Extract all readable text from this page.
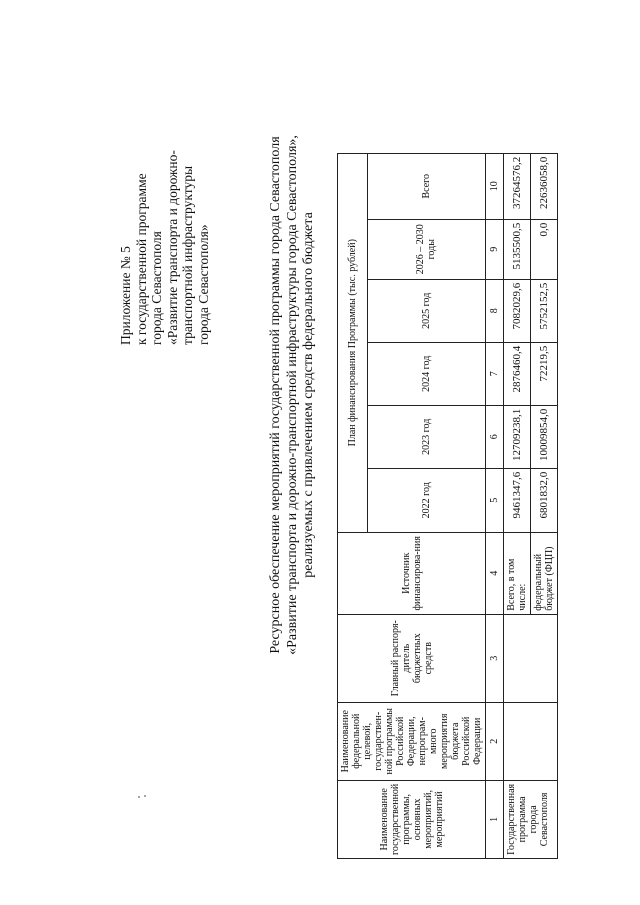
Приложение № 5 к государственной программе города Севастополя «Развитие транспорта и дорожно- транспортной инфраструктуры города Севастополя»	Ресурсное обеспечение мероприятий государственной программы города Севастополя «Развитие транспорта и дорожно-транспортной инфраструктуры города Севастополя», реализуемых с привлечением средств федерального бюджета
Наименование государственной программы, основных мероприятий, мероприятий	Наименование федеральной целевой, государствен-ной программы Российской Федерации, непрограм-много мероприятия бюджета Российской Федерации	Главный распоря-дитель бюджетных средств	Источник финансирова-ния	План финансирования Программы (тыс. рублей)					
				2022 год	2023 год	2024 год	2025 год	2026 – 2030 годы	Всего
1	2	3	4	5	6	7	8	9	10
Государственная программа города Севастополя			Всего, в том числе:	9461347,6	12709238,1	2876460,4	7082029,6	5135500,5	37264576,2
			федеральный бюджет (ФЦП)	6801832,0	10009854,0	72219,5	5752152,5	0,0	22636058,0
